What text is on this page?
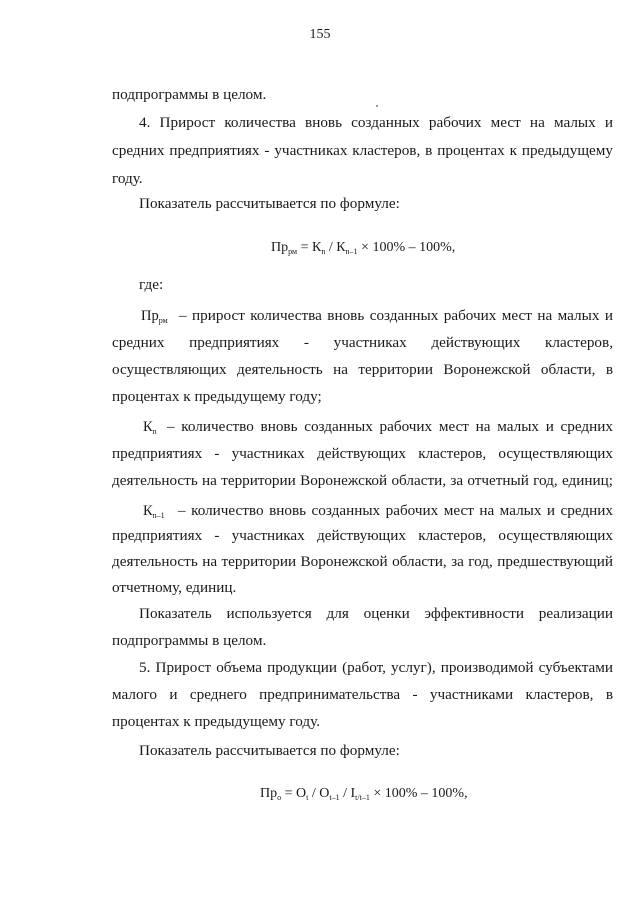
155
подпрограммы в целом.
4. Прирост количества вновь созданных рабочих мест на малых и
средних предприятиях - участниках кластеров, в процентах к предыдущему
году.
Показатель рассчитывается по формуле:
$Пр_{рм} = К_n / К_{n-1} \times 100\% - 100\%$,
где:
$Пр_{рм}$ – прирост количества вновь созданных рабочих мест на малых и
средних предприятиях - участниках действующих кластеров,
осуществляющих деятельность на территории Воронежской области, в
процентах к предыдущему году;
$К_n$ – количество вновь созданных рабочих мест на малых и средних
предприятиях - участниках действующих кластеров, осуществляющих
деятельность на территории Воронежской области, за отчетный год, единиц;
$К_{n-1}$ – количество вновь созданных рабочих мест на малых и средних
предприятиях - участниках действующих кластеров, осуществляющих
деятельность на территории Воронежской области, за год, предшествующий
отчетному, единиц.
Показатель используется для оценки эффективности реализации
подпрограммы в целом.
5. Прирост объема продукции (работ, услуг), производимой субъектами
малого и среднего предпринимательства - участниками кластеров, в
процентах к предыдущему году.
Показатель рассчитывается по формуле:
$Пр_о = O_t / O_{t-1} / I_{t/t-1} \times 100\% - 100\%$,
